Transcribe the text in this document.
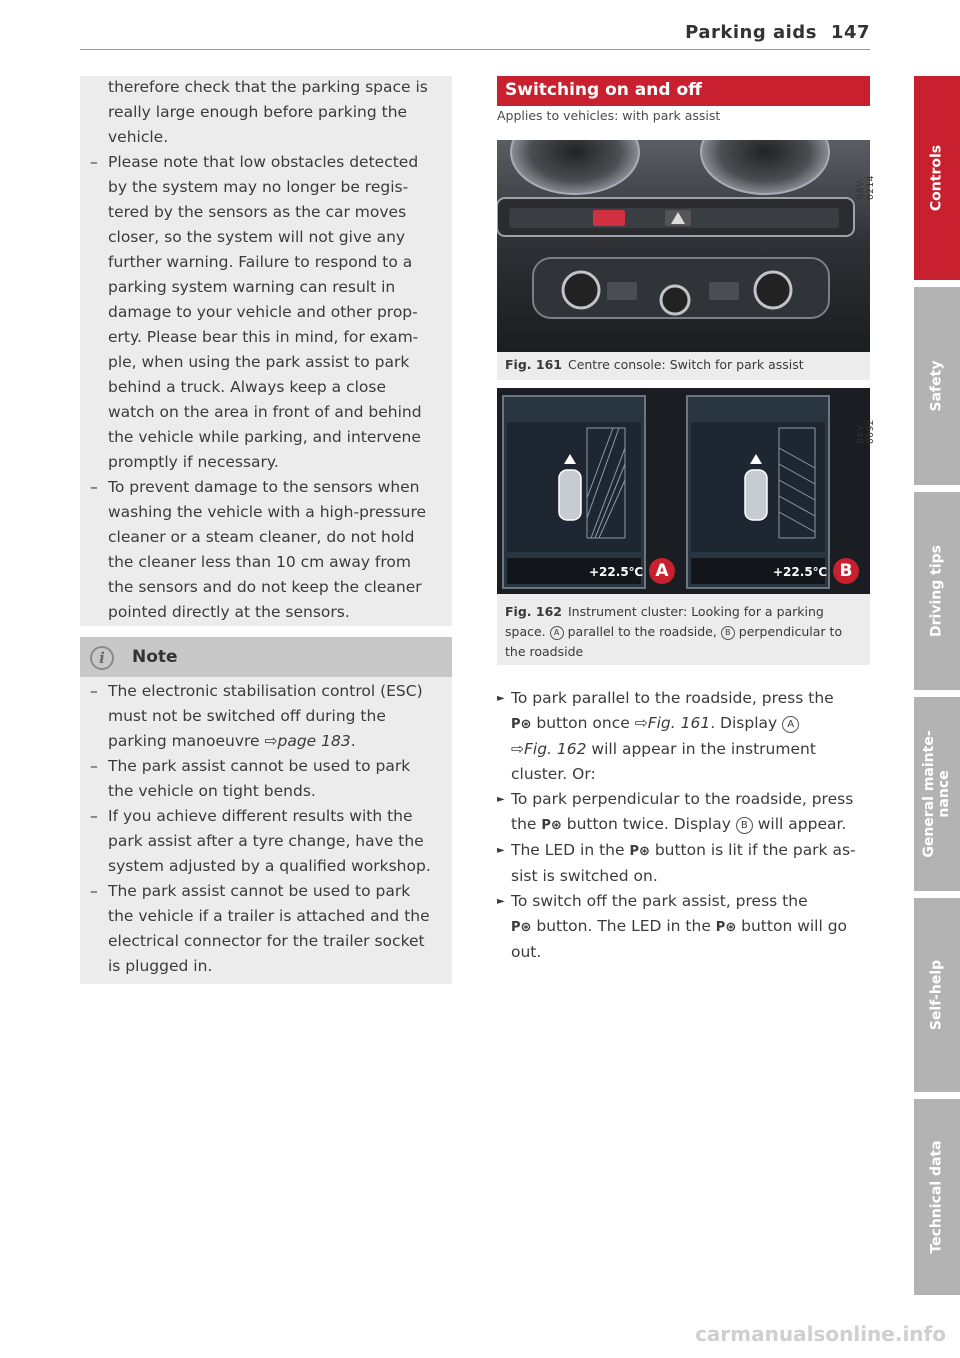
Parking aids 147
therefore check that the parking space is
really large enough before parking the
vehicle.
– Please note that low obstacles detected
by the system may no longer be regis-
tered by the sensors as the car moves
closer, so the system will not give any
further warning. Failure to respond to a
parking system warning can result in
damage to your vehicle and other prop-
erty. Please bear this in mind, for exam-
ple, when using the park assist to park
behind a truck. Always keep a close
watch on the area in front of and behind
the vehicle while parking, and intervene
promptly if necessary.
– To prevent damage to the sensors when
washing the vehicle with a high-pressure
cleaner or a steam cleaner, do not hold
the cleaner less than 10 cm away from
the sensors and do not keep the cleaner
pointed directly at the sensors.
i	Note
– The electronic stabilisation control (ESC)
must not be switched off during the
parking manoeuvre ⇨page 183.
– The park assist cannot be used to park
the vehicle on tight bends.
– If you achieve different results with the
park assist after a tyre change, have the
system adjusted by a qualified workshop.
– The park assist cannot be used to park
the vehicle if a trailer is attached and the
electrical connector for the trailer socket
is plugged in.
Switching on and off
Applies to vehicles: with park assist
B8V-0214
Fig. 161 Centre console: Switch for park assist
+22.5℃	+22.5℃
A	B
B8V-0092
Fig. 162 Instrument cluster: Looking for a parking
space. A parallel to the roadside, B perpendicular to
the roadside
► To park parallel to the roadside, press the
P⊛ button once ⇨Fig. 161. Display A
⇨Fig. 162 will appear in the instrument
cluster. Or:
► To park perpendicular to the roadside, press
the P⊛ button twice. Display B will appear.
► The LED in the P⊛ button is lit if the park as-
sist is switched on.
► To switch off the park assist, press the
P⊛ button. The LED in the P⊛ button will go
out.
Controls
Safety
Driving tips
General mainte-
nance
Self-help
Technical data
carmanualsonline.info
